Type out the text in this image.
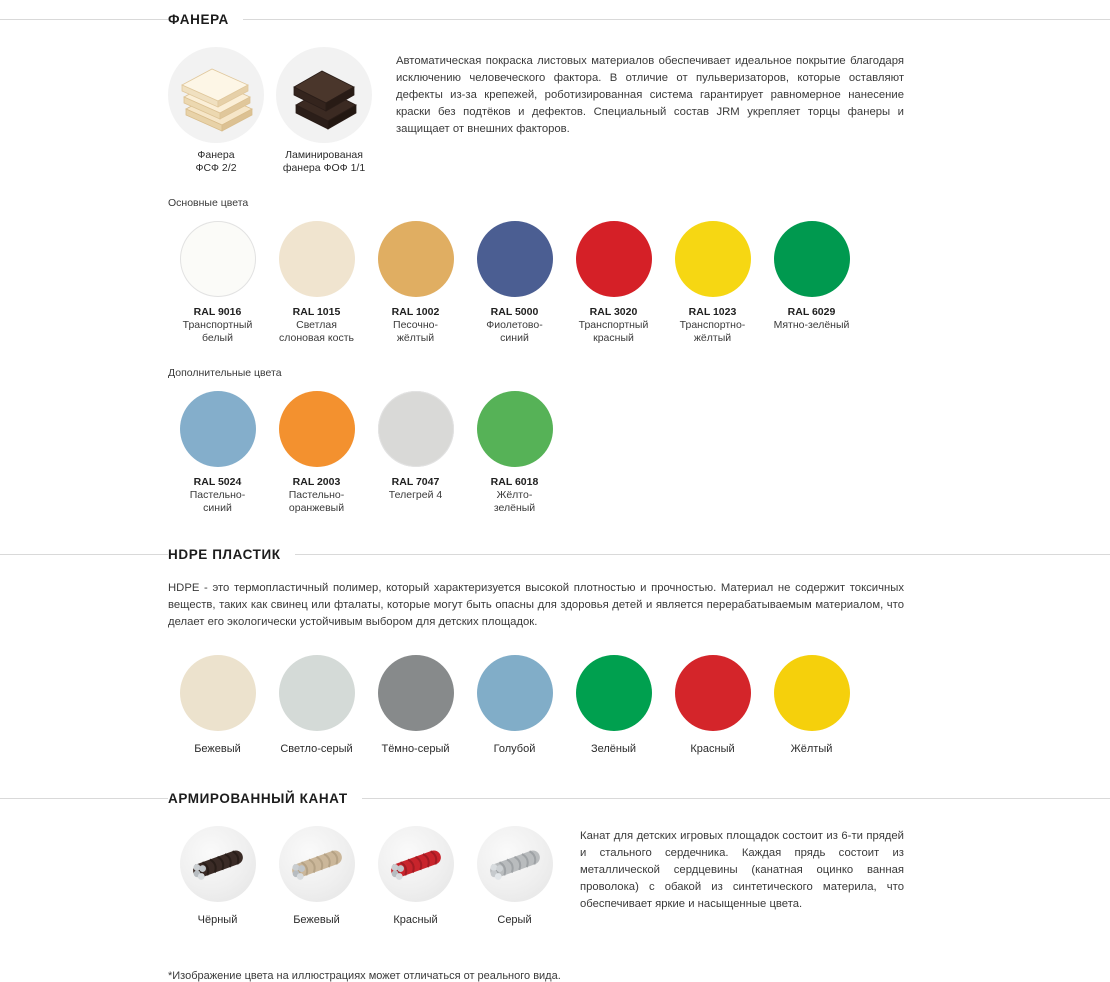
ФАНЕРА
Фанера
ФСФ 2/2
Ламинированая
фанера ФОФ 1/1
Автоматическая покраска листовых материалов обеспечивает идеальное покрытие благодаря исключению человеческого фактора. В отличие от пульверизаторов, которые оставляют дефекты из-за крепежей, роботизированная система гарантирует равномерное нанесение краски без подтёков и дефектов. Специальный состав JRM укрепляет торцы фанеры и защищает от внешних факторов.
Основные цвета
RAL 9016
Транспортный
белый
RAL 1015
Светлая
слоновая кость
RAL 1002
Песочно-
жёлтый
RAL 5000
Фиолетово-
синий
RAL 3020
Транспортный
красный
RAL 1023
Транспортно-
жёлтый
RAL 6029
Мятно-зелёный
Дополнительные цвета
RAL 5024
Пастельно-
синий
RAL 2003
Пастельно-
оранжевый
RAL 7047
Телегрей 4
RAL 6018
Жёлто-
зелёный
HDPE ПЛАСТИК
HDPE - это термопластичный полимер, который характеризуется высокой плотностью и прочностью. Материал не содержит токсичных веществ, таких как свинец или фталаты, которые могут быть опасны для здоровья детей и является перерабатываемым материалом, что делает его экологически устойчивым выбором для детских площадок.
Бежевый	Светло-серый	Тёмно-серый	Голубой	Зелёный	Красный	Жёлтый
АРМИРОВАННЫЙ КАНАТ
Чёрный	Бежевый	Красный	Серый
Канат для детских игровых площадок состоит из 6-ти прядей и стального сердечника. Каждая прядь состоит из металлической сердцевины (канатная оцинко ванная проволока) с обакой из синтетического материла, что обеспечивает яркие и насыщенные цвета.
*Изображение цвета на иллюстрациях может отличаться от реального вида.
